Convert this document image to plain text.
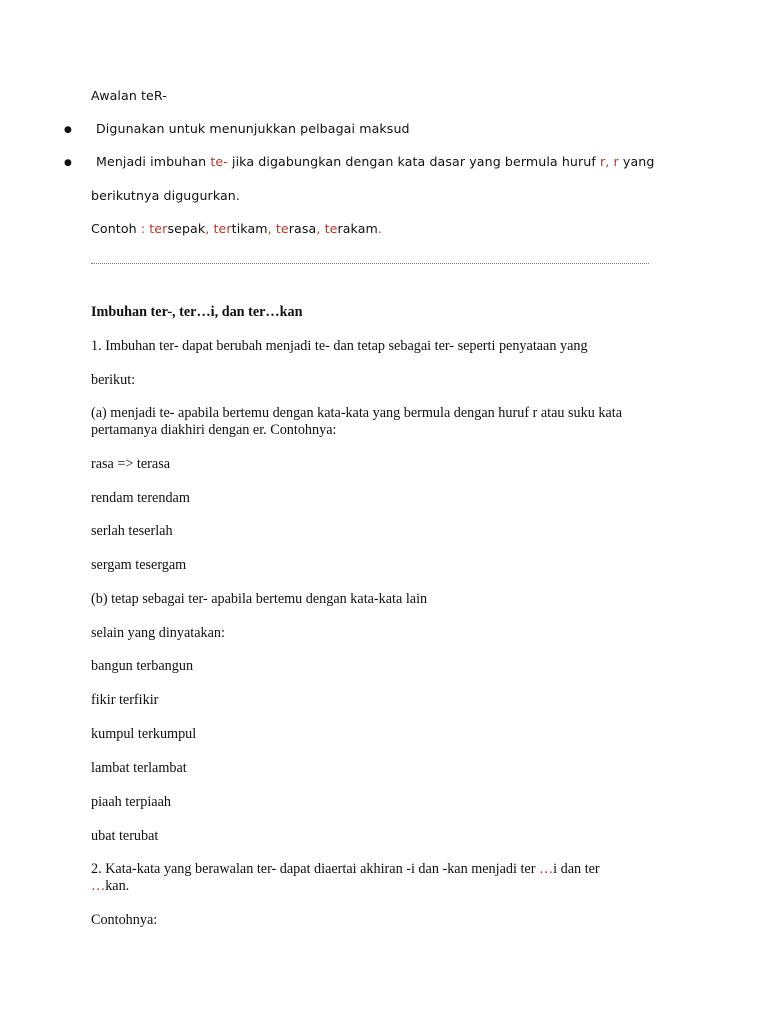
Awalan teR-
● Digunakan untuk menunjukkan pelbagai maksud
● Menjadi imbuhan te- jika digabungkan dengan kata dasar yang bermula huruf r, r yang
berikutnya digugurkan.
Contoh : tersepak, tertikam, terasa, terakam.
Imbuhan ter-, ter…i, dan ter…kan
1. Imbuhan ter- dapat berubah menjadi te- dan tetap sebagai ter- seperti penyataan yang
berikut:
(a) menjadi te- apabila bertemu dengan kata-kata yang bermula dengan huruf r atau suku kata
pertamanya diakhiri dengan er. Contohnya:
rasa => terasa
rendam terendam
serlah teserlah
sergam tesergam
(b) tetap sebagai ter- apabila bertemu dengan kata-kata lain
selain yang dinyatakan:
bangun terbangun
fikir terfikir
kumpul terkumpul
lambat terlambat
piaah terpiaah
ubat terubat
2. Kata-kata yang berawalan ter- dapat diaertai akhiran -i dan -kan menjadi ter …i dan ter
…kan.
Contohnya:
